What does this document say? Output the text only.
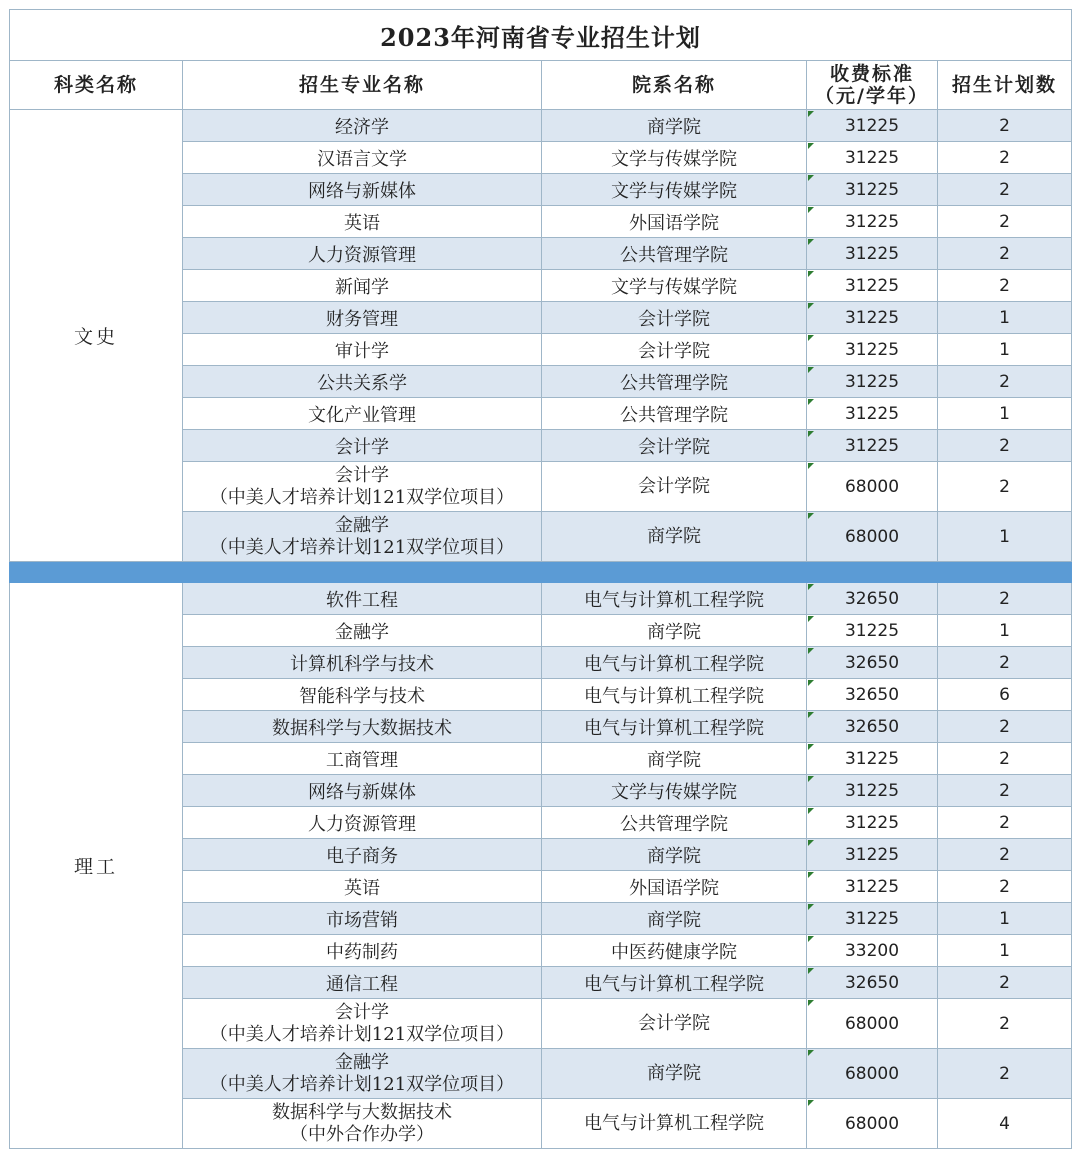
2023年河南省专业招生计划				
科类名称	招生专业名称	院系名称	收费标准
（元/学年）	招生计划数
文史	经济学	商学院	31225	2

	汉语言文学	文学与传媒学院	31225	2

	网络与新媒体	文学与传媒学院	31225	2

	英语	外国语学院	31225	2

	人力资源管理	公共管理学院	31225	2

	新闻学	文学与传媒学院	31225	2

	财务管理	会计学院	31225	1

	审计学	会计学院	31225	1

	公共关系学	公共管理学院	31225	2

	文化产业管理	公共管理学院	31225	1

	会计学	会计学院	31225	2

	会计学
（中美人才培养计划121双学位项目）	会计学院	68000	2

	金融学
（中美人才培养计划121双学位项目）	商学院	68000	1

理工	软件工程	电气与计算机工程学院	32650	2

	金融学	商学院	31225	1

	计算机科学与技术	电气与计算机工程学院	32650	2

	智能科学与技术	电气与计算机工程学院	32650	6

	数据科学与大数据技术	电气与计算机工程学院	32650	2

	工商管理	商学院	31225	2

	网络与新媒体	文学与传媒学院	31225	2

	人力资源管理	公共管理学院	31225	2

	电子商务	商学院	31225	2

	英语	外国语学院	31225	2

	市场营销	商学院	31225	1

	中药制药	中医药健康学院	33200	1

	通信工程	电气与计算机工程学院	32650	2

	会计学
（中美人才培养计划121双学位项目）	会计学院	68000	2

	金融学
（中美人才培养计划121双学位项目）	商学院	68000	2

	数据科学与大数据技术
（中外合作办学）	电气与计算机工程学院	68000	4
